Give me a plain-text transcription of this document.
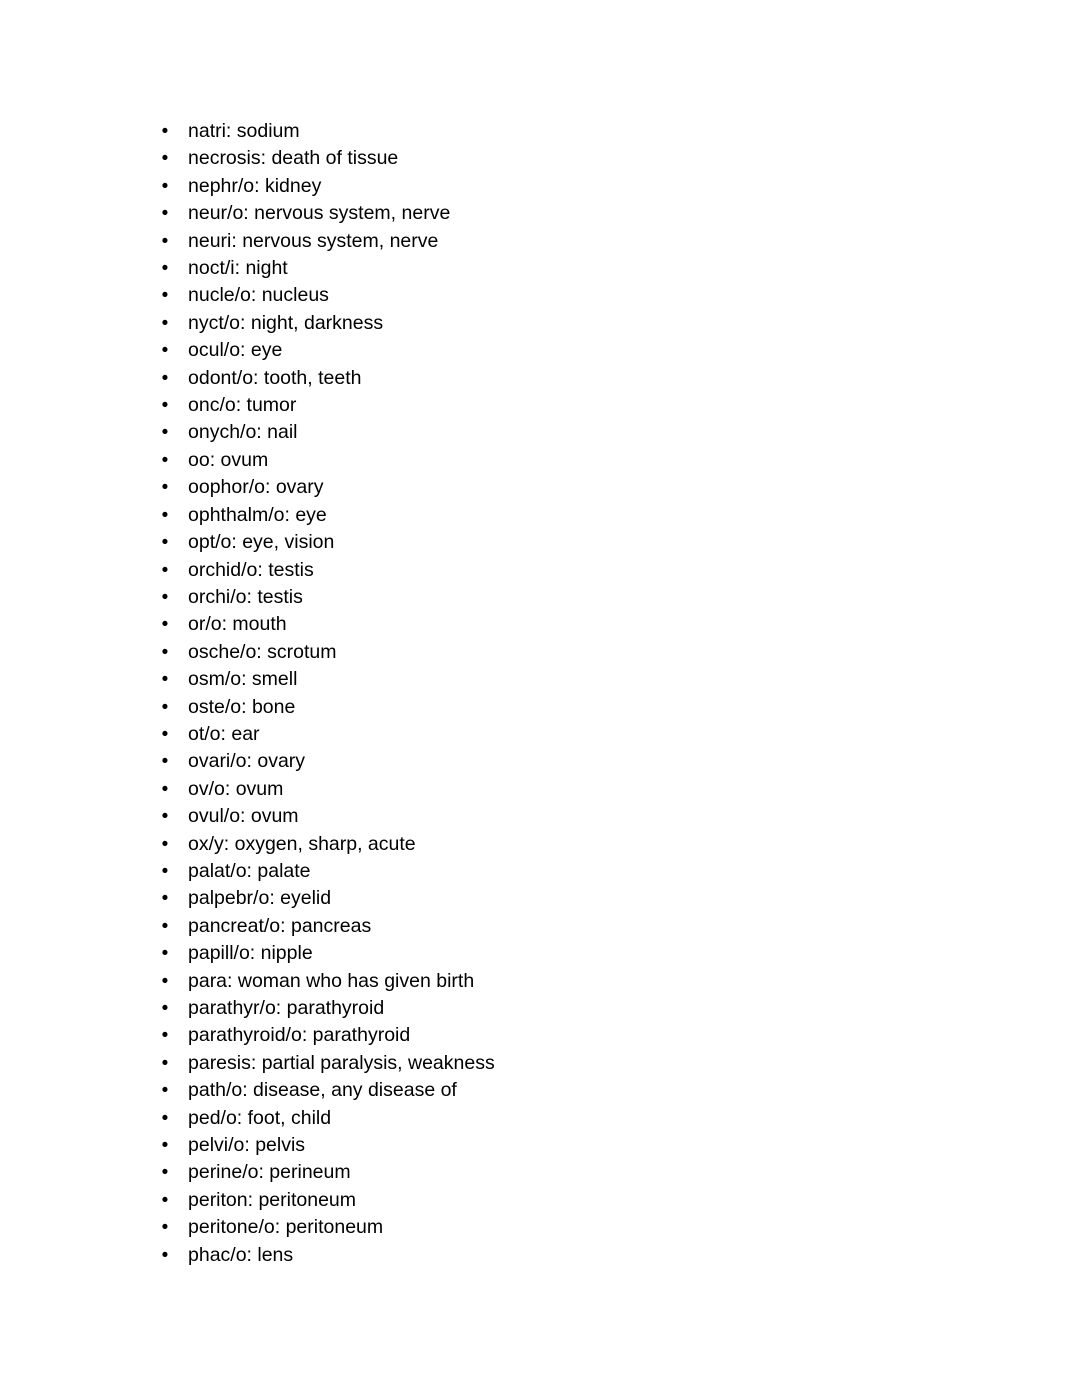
• natri: sodium
• necrosis: death of tissue
• nephr/o: kidney
• neur/o: nervous system, nerve
• neuri: nervous system, nerve
• noct/i: night
• nucle/o: nucleus
• nyct/o: night, darkness
• ocul/o: eye
• odont/o: tooth, teeth
• onc/o: tumor
• onych/o: nail
• oo: ovum
• oophor/o: ovary
• ophthalm/o: eye
• opt/o: eye, vision
• orchid/o: testis
• orchi/o: testis
• or/o: mouth
• osche/o: scrotum
• osm/o: smell
• oste/o: bone
• ot/o: ear
• ovari/o: ovary
• ov/o: ovum
• ovul/o: ovum
• ox/y: oxygen, sharp, acute
• palat/o: palate
• palpebr/o: eyelid
• pancreat/o: pancreas
• papill/o: nipple
• para: woman who has given birth
• parathyr/o: parathyroid
• parathyroid/o: parathyroid
• paresis: partial paralysis, weakness
• path/o: disease, any disease of
• ped/o: foot, child
• pelvi/o: pelvis
• perine/o: perineum
• periton: peritoneum
• peritone/o: peritoneum
• phac/o: lens
